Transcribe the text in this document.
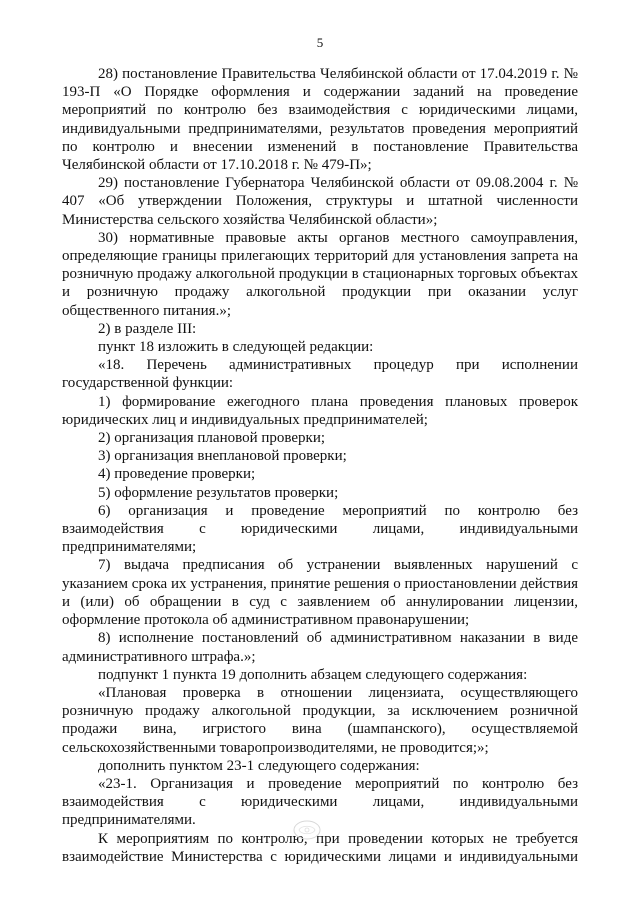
5

28) постановление Правительства Челябинской области от 17.04.2019 г. № 193-П «О Порядке оформления и содержании заданий на проведение мероприятий по контролю без взаимодействия с юридическими лицами, индивидуальными предпринимателями, результатов проведения мероприятий по контролю и внесении изменений в постановление Правительства Челябинской области от 17.10.2018 г. № 479-П»;

29) постановление Губернатора Челябинской области от 09.08.2004 г. № 407 «Об утверждении Положения, структуры и штатной численности Министерства сельского хозяйства Челябинской области»;

30) нормативные правовые акты органов местного самоуправления, определяющие границы прилегающих территорий для установления запрета на розничную продажу алкогольной продукции в стационарных торговых объектах и розничную продажу алкогольной продукции при оказании услуг общественного питания.»;

2) в разделе III:

пункт 18 изложить в следующей редакции:

«18. Перечень административных процедур при исполнении государственной функции:

1) формирование ежегодного плана проведения плановых проверок юридических лиц и индивидуальных предпринимателей;

2) организация плановой проверки;

3) организация внеплановой проверки;

4) проведение проверки;

5) оформление результатов проверки;

6) организация и проведение мероприятий по контролю без взаимодействия с юридическими лицами, индивидуальными предпринимателями;

7) выдача предписания об устранении выявленных нарушений с указанием срока их устранения, принятие решения о приостановлении действия и (или) об обращении в суд с заявлением об аннулировании лицензии, оформление протокола об административном правонарушении;

8) исполнение постановлений об административном наказании в виде административного штрафа.»;

подпункт 1 пункта 19 дополнить абзацем следующего содержания:

«Плановая проверка в отношении лицензиата, осуществляющего розничную продажу алкогольной продукции, за исключением розничной продажи вина, игристого вина (шампанского), осуществляемой сельскохозяйственными товаропроизводителями, не проводится;»;

дополнить пунктом 23-1 следующего содержания:

«23-1. Организация и проведение мероприятий по контролю без взаимодействия с юридическими лицами, индивидуальными предпринимателями.

К мероприятиям по контролю, при проведении которых не требуется взаимодействие Министерства с юридическими лицами и индивидуальными
